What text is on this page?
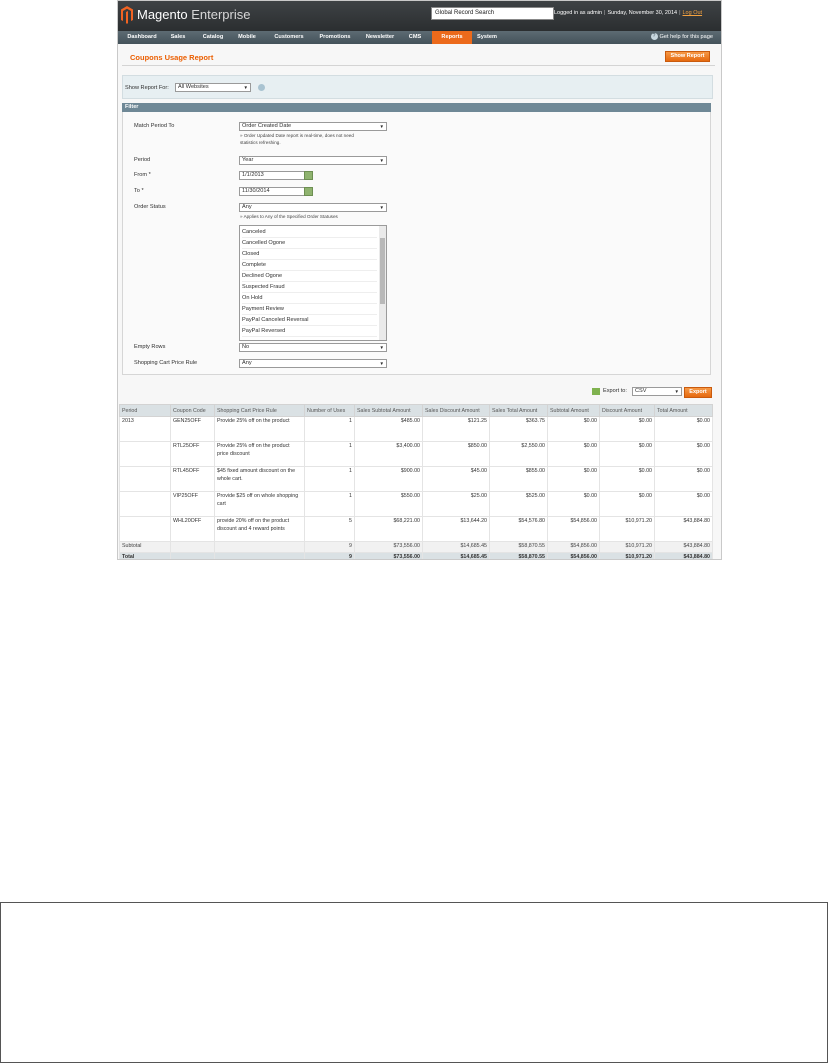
Magento Enterprise	Global Record Search	Logged in as admin | Sunday, November 30, 2014 | Log Out
Dashboard	Sales	Catalog	Mobile	Customers	Promotions	Newsletter	CMS	Reports	System	? Get help for this page
Coupons Usage Report	Show Report
Show Report For:	All Websites	▼
Filter
Match Period To	Order Created Date	▼
» Order Updated Date report is real-time, does not need
statistics refreshing.
Period	Year	▼
From *	1/1/2013
To *	11/30/2014
Order Status	Any	▼
» Applies to Any of the Specified Order Statuses
Canceled
Cancelled Ogone
Closed
Complete
Declined Ogone
Suspected Fraud
On Hold
Payment Review
PayPal Canceled Reversal
PayPal Reversed
Empty Rows	No	▼
Shopping Cart Price Rule	Any	▼
Export to:	CSV	▼	Export
Period	Coupon Code	Shopping Cart Price Rule	Number of Uses	Sales Subtotal Amount	Sales Discount Amount	Sales Total Amount	Subtotal Amount	Discount Amount	Total Amount
2013	GEN25OFF	Provide 25% off on the product	1	$485.00	$121.25	$363.75	$0.00	$0.00	$0.00
	RTL25OFF	Provide 25% off on the product price discount	1	$3,400.00	$850.00	$2,550.00	$0.00	$0.00	$0.00
	RTL45OFF	$45 fixed amount discount on the whole cart.	1	$900.00	$45.00	$855.00	$0.00	$0.00	$0.00
	VIP25OFF	Provide $25 off on whole shopping cart	1	$550.00	$25.00	$525.00	$0.00	$0.00	$0.00
	WHL20OFF	provide 20% off on the product discount and 4 reward points	5	$68,221.00	$13,644.20	$54,576.80	$54,856.00	$10,971.20	$43,884.80
Subtotal			9	$73,556.00	$14,685.45	$58,870.55	$54,856.00	$10,971.20	$43,884.80
Total			9	$73,556.00	$14,685.45	$58,870.55	$54,856.00	$10,971.20	$43,884.80
